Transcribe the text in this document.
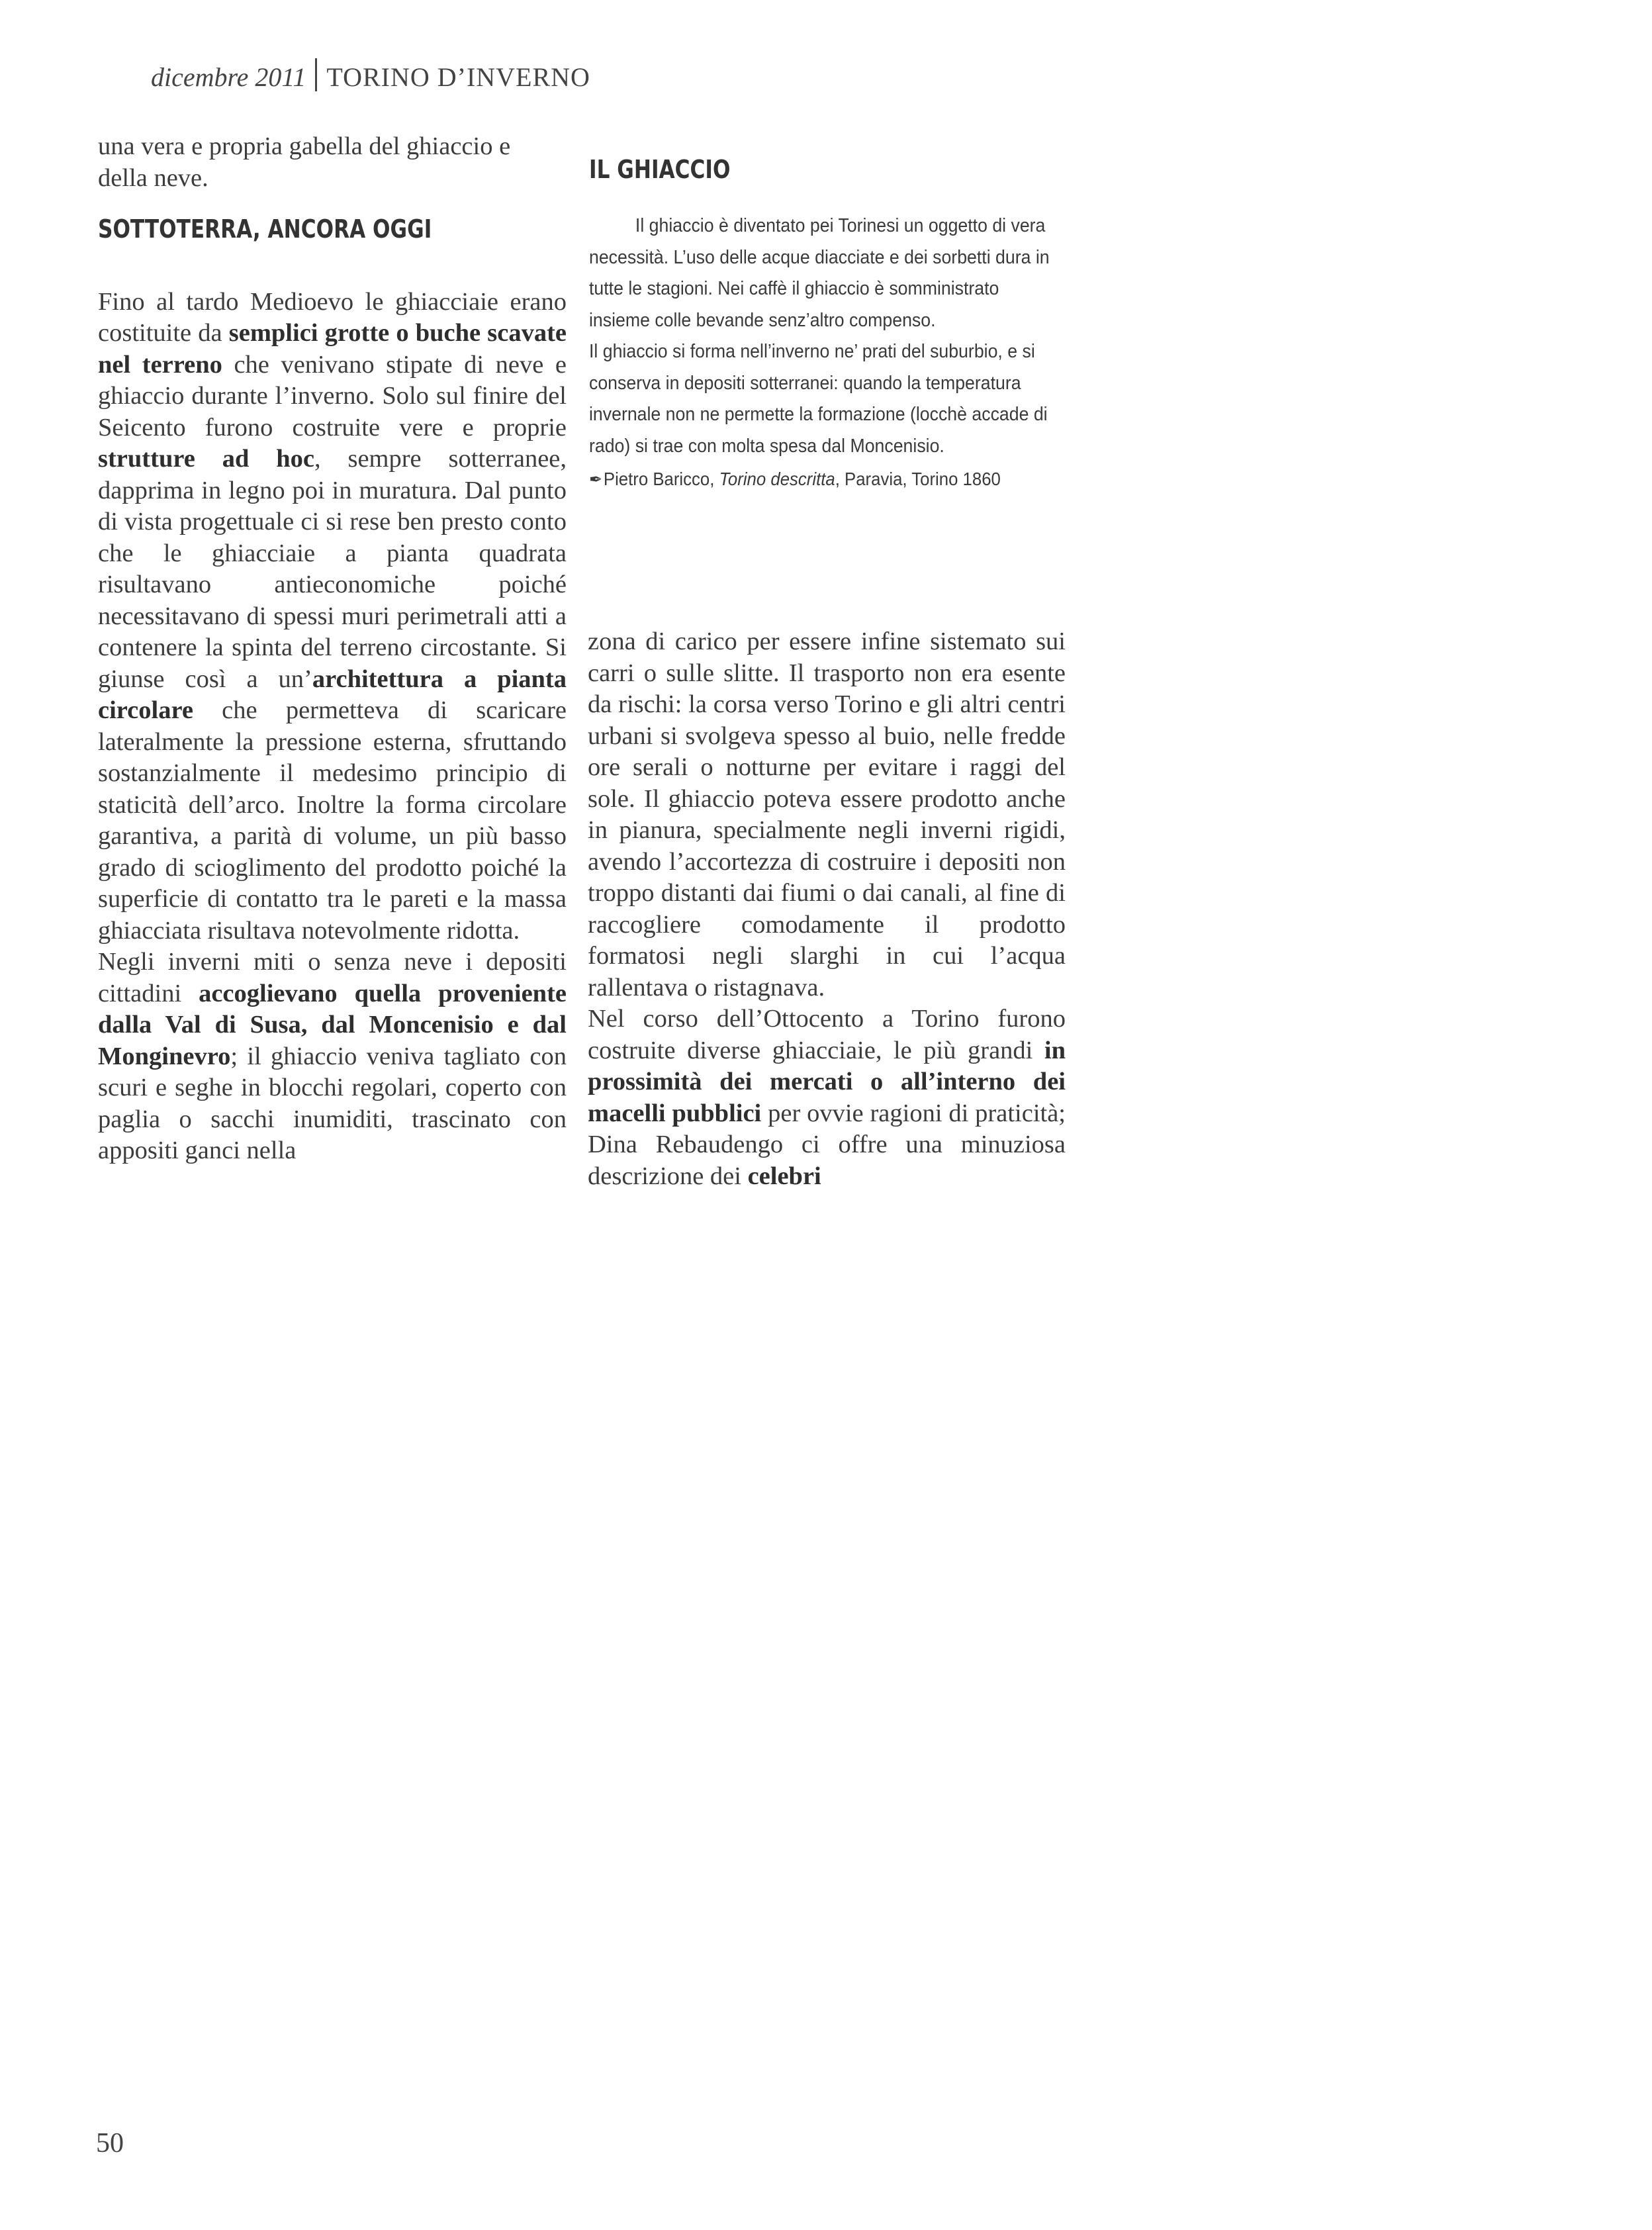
dicembre 2011 TORINO D’INVERNO

una vera e propria gabella del ghiaccio e
della neve.

SOTTOTERRA, ANCORA OGGI

Fino al tardo Medioevo le ghiacciaie erano costituite da semplici grotte o buche scavate nel terreno che venivano stipate di neve e ghiaccio durante l’inverno. Solo sul finire del Seicento furono costruite vere e proprie strutture ad hoc, sempre sotterranee, dapprima in legno poi in muratura. Dal punto di vista progettuale ci si rese ben presto conto che le ghiacciaie a pianta quadrata risultavano antieconomiche poiché necessitavano di spessi muri perimetrali atti a contenere la spinta del terreno circostante. Si giunse così a un’architettura a pianta circolare che permetteva di scaricare lateralmente la pressione esterna, sfruttando sostanzialmente il medesimo principio di staticità dell’arco. Inoltre la forma circolare garantiva, a parità di volume, un più basso grado di scioglimento del prodotto poiché la superficie di contatto tra le pareti e la massa ghiacciata risultava notevolmente ridotta.

Negli inverni miti o senza neve i depositi cittadini accoglievano quella proveniente dalla Val di Susa, dal Moncenisio e dal Monginevro; il ghiaccio veniva tagliato con scuri e seghe in blocchi regolari, coperto con paglia o sacchi inumiditi, trascinato con appositi ganci nella

IL GHIACCIO

Il ghiaccio è diventato pei Torinesi un oggetto di vera necessità. L’uso delle acque diacciate e dei sorbetti dura in tutte le stagioni. Nei caffè il ghiaccio è somministrato insieme colle bevande senz’altro compenso.

Il ghiaccio si forma nell’inverno ne’ prati del suburbio, e si conserva in depositi sotterranei: quando la temperatura invernale non ne permette la formazione (locchè accade di rado) si trae con molta spesa dal Moncenisio.

✒Pietro Baricco, Torino descritta, Paravia, Torino 1860

zona di carico per essere infine sistemato sui carri o sulle slitte. Il trasporto non era esente da rischi: la corsa verso Torino e gli altri centri urbani si svolgeva spesso al buio, nelle fredde ore serali o notturne per evitare i raggi del sole. Il ghiaccio poteva essere prodotto anche in pianura, specialmente negli inverni rigidi, avendo l’accortezza di costruire i depositi non troppo distanti dai fiumi o dai canali, al fine di raccogliere comodamente il prodotto formatosi negli slarghi in cui l’acqua rallentava o ristagnava.

Nel corso dell’Ottocento a Torino furono costruite diverse ghiacciaie, le più grandi in prossimità dei mercati o all’interno dei macelli pubblici per ovvie ragioni di praticità; Dina Rebaudengo ci offre una minuziosa descrizione dei celebri

50
